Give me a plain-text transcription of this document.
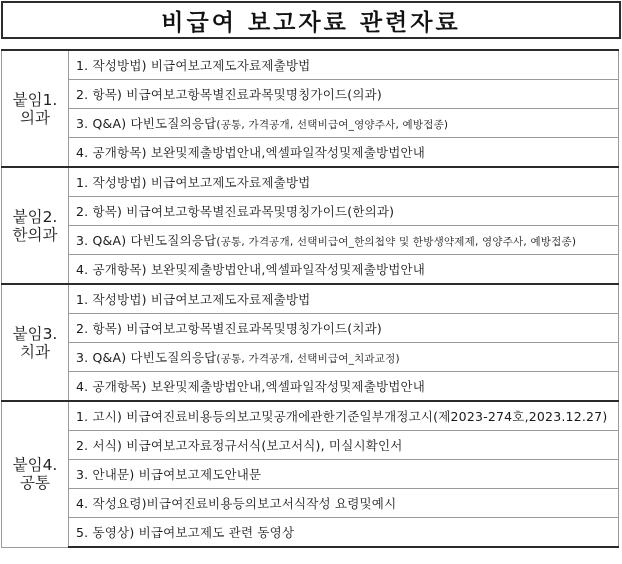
비급여 보고자료 관련자료
붙임1.
의과	1. 작성방법) 비급여보고제도자료제출방법
	2. 항목) 비급여보고항목별진료과목및명칭가이드(의과)
	3. Q&A) 다빈도질의응답(공통, 가격공개, 선택비급여_영양주사, 예방접종)
	4. 공개항목) 보완및제출방법안내,엑셀파일작성및제출방법안내

붙임2.
한의과	1. 작성방법) 비급여보고제도자료제출방법
	2. 항목) 비급여보고항목별진료과목및명칭가이드(한의과)
	3. Q&A) 다빈도질의응답(공통, 가격공개, 선택비급여_한의첩약 및 한방생약제제, 영양주사, 예방접종)
	4. 공개항목) 보완및제출방법안내,엑셀파일작성및제출방법안내

붙임3.
치과	1. 작성방법) 비급여보고제도자료제출방법
	2. 항목) 비급여보고항목별진료과목및명칭가이드(치과)
	3. Q&A) 다빈도질의응답(공통, 가격공개, 선택비급여_치과교정)
	4. 공개항목) 보완및제출방법안내,엑셀파일작성및제출방법안내

붙임4.
공통	1. 고시) 비급여진료비용등의보고및공개에관한기준일부개정고시(제2023-274호,2023.12.27)
	2. 서식) 비급여보고자료정규서식(보고서식), 미실시확인서
	3. 안내문) 비급여보고제도안내문
	4. 작성요령)비급여진료비용등의보고서식작성 요령및예시
	5. 동영상) 비급여보고제도 관련 동영상
